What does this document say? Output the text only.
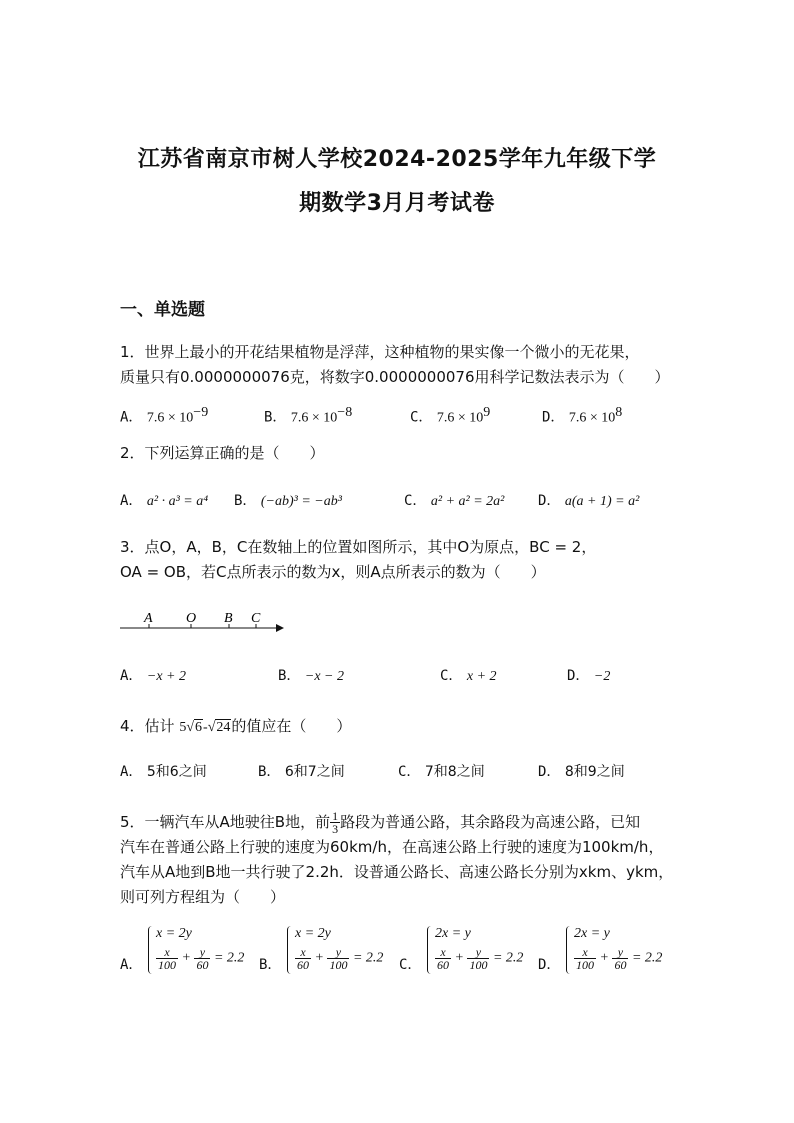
江苏省南京市树人学校2024-2025学年九年级下学
期数学3月月考试卷
一、单选题
1．世界上最小的开花结果植物是浮萍，这种植物的果实像一个微小的无花果，
质量只有0.0000000076克，将数字0.0000000076用科学记数法表示为（　　）
A． $7.6 \times 10^{-9}$	B． $7.6 \times 10^{-8}$	C． $7.6 \times 10^9$	D． $7.6 \times 10^8$
2．下列运算正确的是（　　）
A． a² · a³ = a⁴ B． (−ab)³ = −ab³	C． a² + a² = 2a² D． a(a + 1) = a²
3．点O，A，B，C在数轴上的位置如图所示，其中O为原点，BC = 2，
OA = OB，若C点所表示的数为x，则A点所表示的数为（　　）
A O B C
A． −x + 2	B． −x − 2	C． x + 2	D． −2
4．估计 5√6-√24的值应在（　　）
A． 5和6之间	B． 6和7之间	C． 7和8之间	D． 8和9之间
5．一辆汽车从A地驶往B地，前 $\frac{1}{3}$ 路段为普通公路，其余路段为高速公路，已知
汽车在普通公路上行驶的速度为60km/h，在高速公路上行驶的速度为100km/h，
汽车从A地到B地一共行驶了2.2h．设普通公路长、高速公路长分别为xkm、ykm，
则可列方程组为（　　）
A．
x = 2y
$\frac{x}{100} + \frac{y}{60} = 2.2$ B．
x = 2y
$\frac{x}{60} + \frac{y}{100} = 2.2$ C．
2x = y
$\frac{x}{60} + \frac{y}{100} = 2.2$ D．
2x = y
$\frac{x}{100} + \frac{y}{60} = 2.2$
